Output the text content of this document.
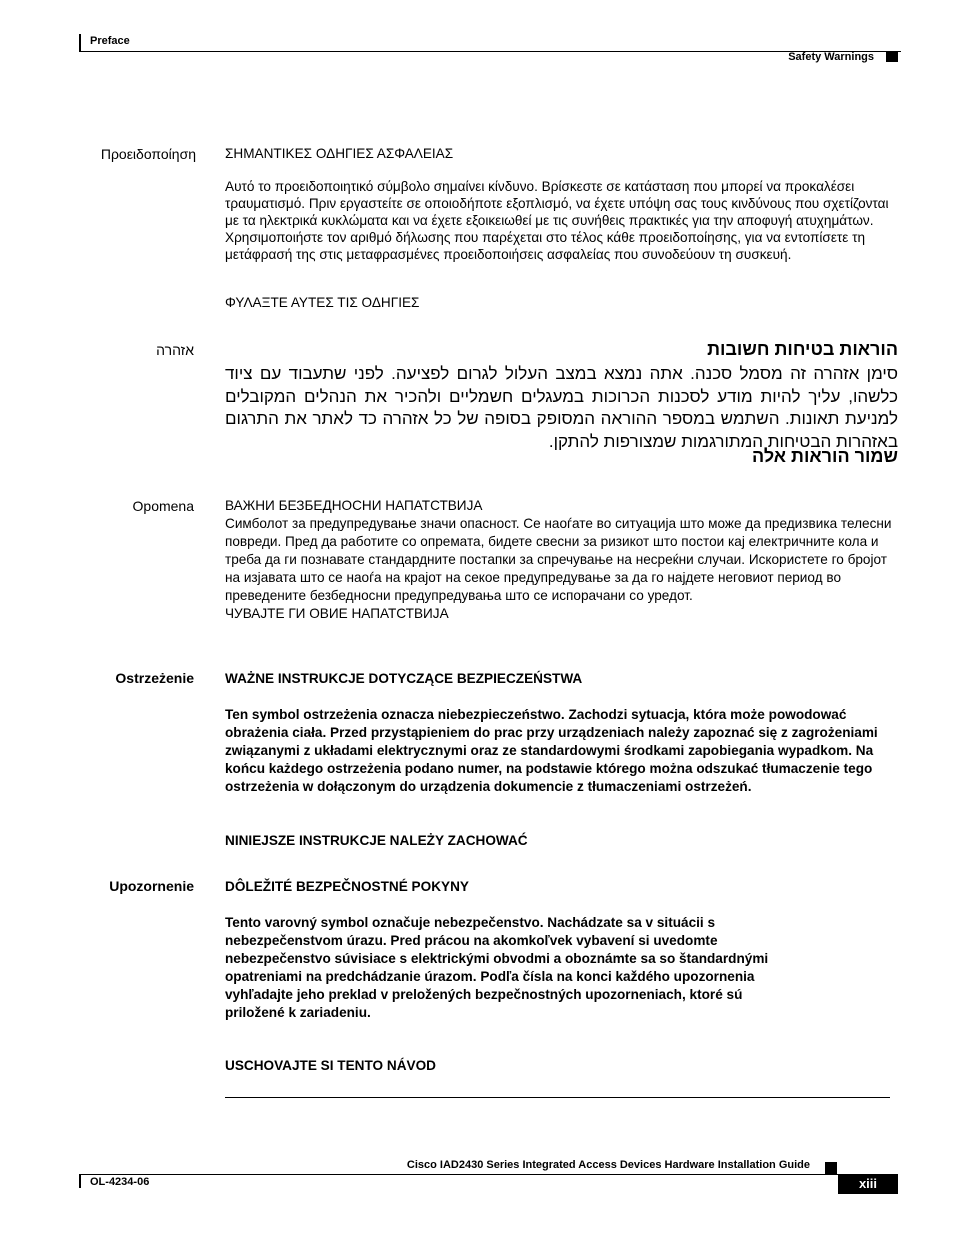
Preface
Safety Warnings
Προειδοποίηση ΣΗΜΑΝΤΙΚΕΣ ΟΔΗΓΙΕΣ ΑΣΦΑΛΕΙΑΣ
Αυτό το προειδοποιητικό σύμβολο σημαίνει κίνδυνο. Βρίσκεστε σε κατάσταση που μπορεί να προκαλέσει τραυματισμό. Πριν εργαστείτε σε οποιοδήποτε εξοπλισμό, να έχετε υπόψη σας τους κινδύνους που σχετίζονται με τα ηλεκτρικά κυκλώματα και να έχετε εξοικειωθεί με τις συνήθεις πρακτικές για την αποφυγή ατυχημάτων. Χρησιμοποιήστε τον αριθμό δήλωσης που παρέχεται στο τέλος κάθε προειδοποίησης, για να εντοπίσετε τη μετάφρασή της στις μεταφρασμένες προειδοποιήσεις ασφαλείας που συνοδεύουν τη συσκευή.
ΦΥΛΑΞΤΕ ΑΥΤΕΣ ΤΙΣ ΟΔΗΓΙΕΣ
אזהרה	הוראות בטיחות חשובות
סימן אזהרה זה מסמל סכנה. אתה נמצא במצב העלול לגרום לפציעה. לפני שתעבוד עם ציוד כלשהו, עליך להיות מודע לסכנות הכרוכות במעגלים חשמליים ולהכיר את הנהלים המקובלים למניעת תאונות. השתמש במספר ההוראה המסופק בסופה של כל אזהרה כד לאתר את התרגום באזהרות הבטיחות המתורגמות שמצורפות להתקן.
שמור הוראות אלה
Opomena ВАЖНИ БЕЗБЕДНОСНИ НАПАТСТВИЈА
Симболот за предупредување значи опасност. Се наоѓате во ситуација што може да предизвика телесни повреди. Пред да работите со опремата, бидете свесни за ризикот што постои кај електричните кола и треба да ги познавате стандардните постапки за спречување на несреќни случаи. Искористете го бројот на изјавата што се наоѓа на крајот на секое предупредување за да го најдете неговиот период во преведените безбедносни предупредувања што се испорачани со уредот.
ЧУВАЈТЕ ГИ ОВИЕ НАПАТСТВИЈА
Ostrzeżenie WAŻNE INSTRUKCJE DOTYCZĄCE BEZPIECZEŃSTWA
Ten symbol ostrzeżenia oznacza niebezpieczeństwo. Zachodzi sytuacja, która może powodować obrażenia ciała. Przed przystąpieniem do prac przy urządzeniach należy zapoznać się z zagrożeniami związanymi z układami elektrycznymi oraz ze standardowymi środkami zapobiegania wypadkom. Na końcu każdego ostrzeżenia podano numer, na podstawie którego można odszukać tłumaczenie tego ostrzeżenia w dołączonym do urządzenia dokumencie z tłumaczeniami ostrzeżeń.
NINIEJSZE INSTRUKCJE NALEŻY ZACHOWAĆ
Upozornenie DÔLEŽITÉ BEZPEČNOSTNÉ POKYNY
Tento varovný symbol označuje nebezpečenstvo. Nachádzate sa v situácii s nebezpečenstvom úrazu. Pred prácou na akomkoľvek vybavení si uvedomte nebezpečenstvo súvisiace s elektrickými obvodmi a oboznámte sa so štandardnými opatreniami na predchádzanie úrazom. Podľa čísla na konci každého upozornenia vyhľadajte jeho preklad v preložených bezpečnostných upozorneniach, ktoré sú priložené k zariadeniu.
USCHOVAJTE SI TENTO NÁVOD
Cisco IAD2430 Series Integrated Access Devices Hardware Installation Guide
OL-4234-06	xiii
